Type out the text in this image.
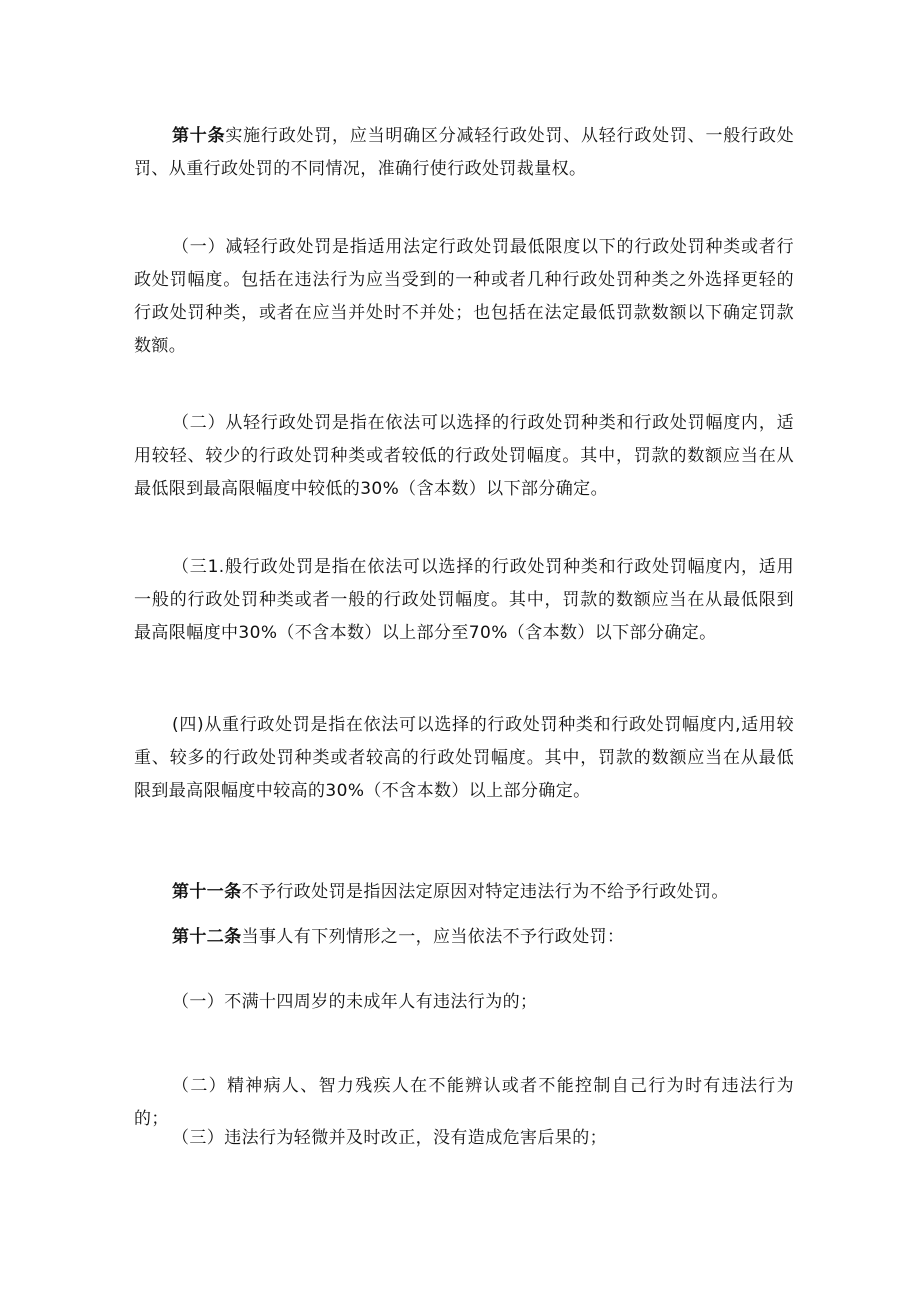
第十条实施行政处罚，应当明确区分减轻行政处罚、从轻行政处罚、一般行政处罚、从重行政处罚的不同情况，准确行使行政处罚裁量权。

（一）减轻行政处罚是指适用法定行政处罚最低限度以下的行政处罚种类或者行政处罚幅度。包括在违法行为应当受到的一种或者几种行政处罚种类之外选择更轻的行政处罚种类，或者在应当并处时不并处；也包括在法定最低罚款数额以下确定罚款数额。

（二）从轻行政处罚是指在依法可以选择的行政处罚种类和行政处罚幅度内，适用较轻、较少的行政处罚种类或者较低的行政处罚幅度。其中，罚款的数额应当在从最低限到最高限幅度中较低的30%（含本数）以下部分确定。

（三1.般行政处罚是指在依法可以选择的行政处罚种类和行政处罚幅度内，适用一般的行政处罚种类或者一般的行政处罚幅度。其中，罚款的数额应当在从最低限到最高限幅度中30%（不含本数）以上部分至70%（含本数）以下部分确定。

(四)从重行政处罚是指在依法可以选择的行政处罚种类和行政处罚幅度内,适用较重、较多的行政处罚种类或者较高的行政处罚幅度。其中，罚款的数额应当在从最低限到最高限幅度中较高的30%（不含本数）以上部分确定。

第十一条不予行政处罚是指因法定原因对特定违法行为不给予行政处罚。

第十二条当事人有下列情形之一，应当依法不予行政处罚：

（一）不满十四周岁的未成年人有违法行为的；

（二）精神病人、智力残疾人在不能辨认或者不能控制自己行为时有违法行为的；

（三）违法行为轻微并及时改正，没有造成危害后果的；
